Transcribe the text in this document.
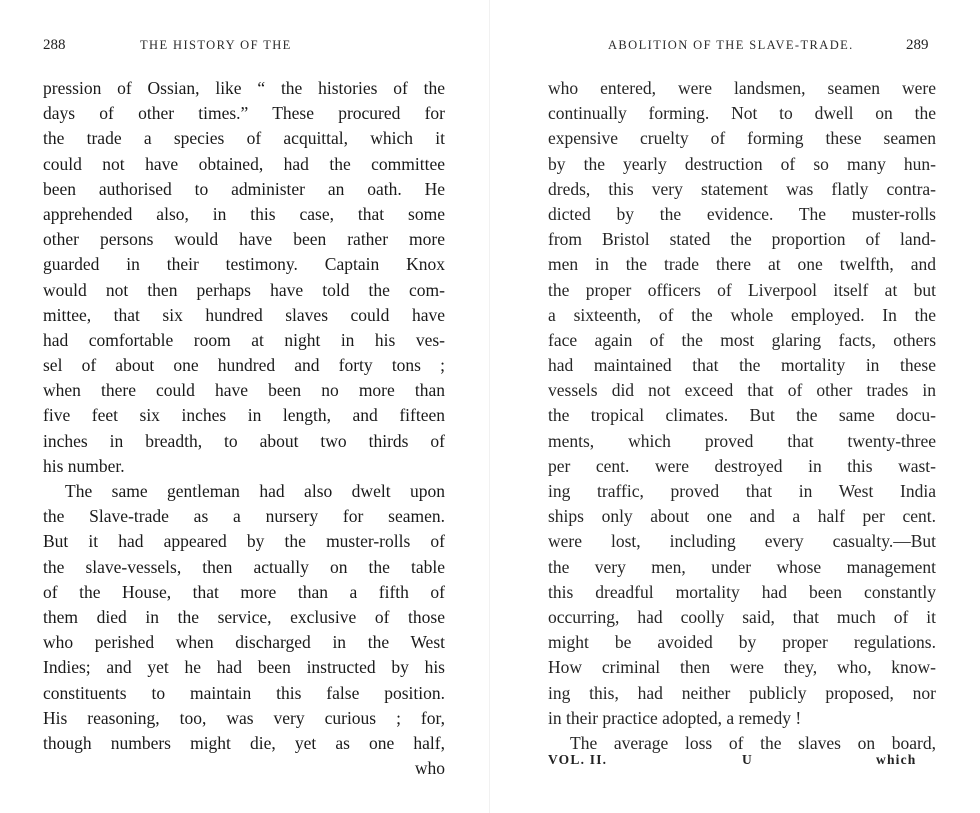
288	THE HISTORY OF THE
pression of Ossian, like “ the histories of the
days of other times.” These procured for
the trade a species of acquittal, which it
could not have obtained, had the committee
been authorised to administer an oath. He
apprehended also, in this case, that some
other persons would have been rather more
guarded in their testimony. Captain Knox
would not then perhaps have told the com-
mittee, that six hundred slaves could have
had comfortable room at night in his ves-
sel of about one hundred and forty tons ;
when there could have been no more than
five feet six inches in length, and fifteen
inches in breadth, to about two thirds of
his number.
The same gentleman had also dwelt upon
the Slave-trade as a nursery for seamen.
But it had appeared by the muster-rolls of
the slave-vessels, then actually on the table
of the House, that more than a fifth of
them died in the service, exclusive of those
who perished when discharged in the West
Indies; and yet he had been instructed by his
constituents to maintain this false position.
His reasoning, too, was very curious ; for,
though numbers might die, yet as one half,
who
ABOLITION OF THE SLAVE-TRADE.	289
who entered, were landsmen, seamen were
continually forming. Not to dwell on the
expensive cruelty of forming these seamen
by the yearly destruction of so many hun-
dreds, this very statement was flatly contra-
dicted by the evidence. The muster-rolls
from Bristol stated the proportion of land-
men in the trade there at one twelfth, and
the proper officers of Liverpool itself at but
a sixteenth, of the whole employed. In the
face again of the most glaring facts, others
had maintained that the mortality in these
vessels did not exceed that of other trades in
the tropical climates. But the same docu-
ments, which proved that twenty-three
per cent. were destroyed in this wast-
ing traffic, proved that in West India
ships only about one and a half per cent.
were lost, including every casualty.—But
the very men, under whose management
this dreadful mortality had been constantly
occurring, had coolly said, that much of it
might be avoided by proper regulations.
How criminal then were they, who, know-
ing this, had neither publicly proposed, nor
in their practice adopted, a remedy !
The average loss of the slaves on board,
VOL. II.	U	which
